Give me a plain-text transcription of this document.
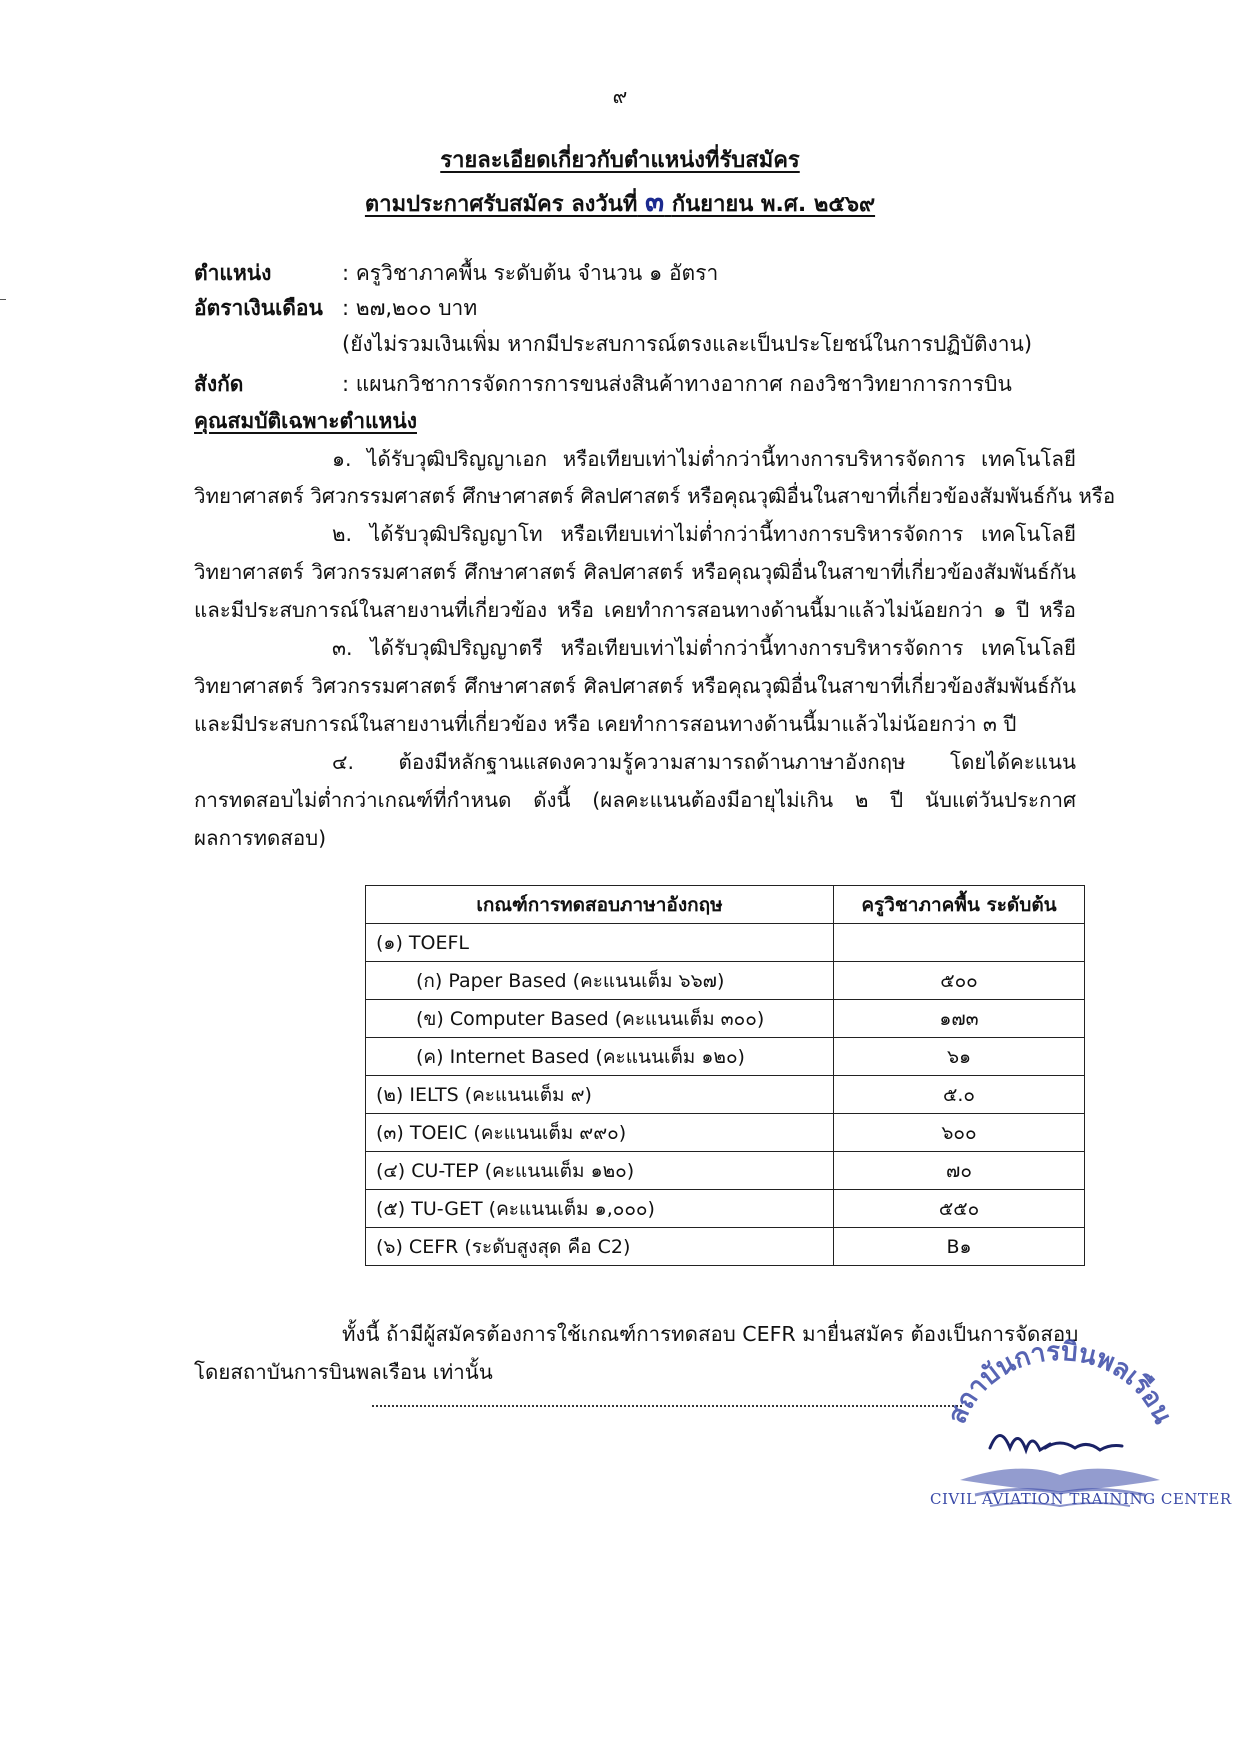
๙
รายละเอียดเกี่ยวกับตำแหน่งที่รับสมัคร
ตามประกาศรับสมัคร ลงวันที่ ๓ กันยายน พ.ศ. ๒๕๖๙
ตำแหน่ง	: ครูวิชาภาคพื้น ระดับต้น จำนวน ๑ อัตรา
อัตราเงินเดือน : ๒๗,๒๐๐ บาท
(ยังไม่รวมเงินเพิ่ม หากมีประสบการณ์ตรงและเป็นประโยชน์ในการปฏิบัติงาน)
สังกัด	: แผนกวิชาการจัดการการขนส่งสินค้าทางอากาศ กองวิชาวิทยาการการบิน
คุณสมบัติเฉพาะตำแหน่ง
๑. ได้รับวุฒิปริญญาเอก หรือเทียบเท่าไม่ต่ำกว่านี้ทางการบริหารจัดการ เทคโนโลยี
วิทยาศาสตร์ วิศวกรรมศาสตร์ ศึกษาศาสตร์ ศิลปศาสตร์ หรือคุณวุฒิอื่นในสาขาที่เกี่ยวข้องสัมพันธ์กัน หรือ
๒. ได้รับวุฒิปริญญาโท หรือเทียบเท่าไม่ต่ำกว่านี้ทางการบริหารจัดการ เทคโนโลยี
วิทยาศาสตร์ วิศวกรรมศาสตร์ ศึกษาศาสตร์ ศิลปศาสตร์ หรือคุณวุฒิอื่นในสาขาที่เกี่ยวข้องสัมพันธ์กัน
และมีประสบการณ์ในสายงานที่เกี่ยวข้อง หรือ เคยทำการสอนทางด้านนี้มาแล้วไม่น้อยกว่า ๑ ปี หรือ
๓. ได้รับวุฒิปริญญาตรี หรือเทียบเท่าไม่ต่ำกว่านี้ทางการบริหารจัดการ เทคโนโลยี
วิทยาศาสตร์ วิศวกรรมศาสตร์ ศึกษาศาสตร์ ศิลปศาสตร์ หรือคุณวุฒิอื่นในสาขาที่เกี่ยวข้องสัมพันธ์กัน
และมีประสบการณ์ในสายงานที่เกี่ยวข้อง หรือ เคยทำการสอนทางด้านนี้มาแล้วไม่น้อยกว่า ๓ ปี
๔. ต้องมีหลักฐานแสดงความรู้ความสามารถด้านภาษาอังกฤษ โดยได้คะแนน
การทดสอบไม่ต่ำกว่าเกณฑ์ที่กำหนด ดังนี้ (ผลคะแนนต้องมีอายุไม่เกิน ๒ ปี นับแต่วันประกาศ
ผลการทดสอบ)
เกณฑ์การทดสอบภาษาอังกฤษ	ครูวิชาภาคพื้น ระดับต้น
(๑) TOEFL	
(ก) Paper Based (คะแนนเต็ม ๖๖๗)	๕๐๐
(ข) Computer Based (คะแนนเต็ม ๓๐๐)	๑๗๓
(ค) Internet Based (คะแนนเต็ม ๑๒๐)	๖๑
(๒) IELTS (คะแนนเต็ม ๙)	๕.๐
(๓) TOEIC (คะแนนเต็ม ๙๙๐)	๖๐๐
(๔) CU-TEP (คะแนนเต็ม ๑๒๐)	๗๐
(๕) TU-GET (คะแนนเต็ม ๑,๐๐๐)	๕๕๐
(๖) CEFR (ระดับสูงสุด คือ C2)	B๑
ทั้งนี้ ถ้ามีผู้สมัครต้องการใช้เกณฑ์การทดสอบ CEFR มายื่นสมัคร ต้องเป็นการจัดสอบ
โดยสถาบันการบินพลเรือน เท่านั้น
สถาบันการบินพลเรือน
CIVIL AVIATION TRAINING CENTER
